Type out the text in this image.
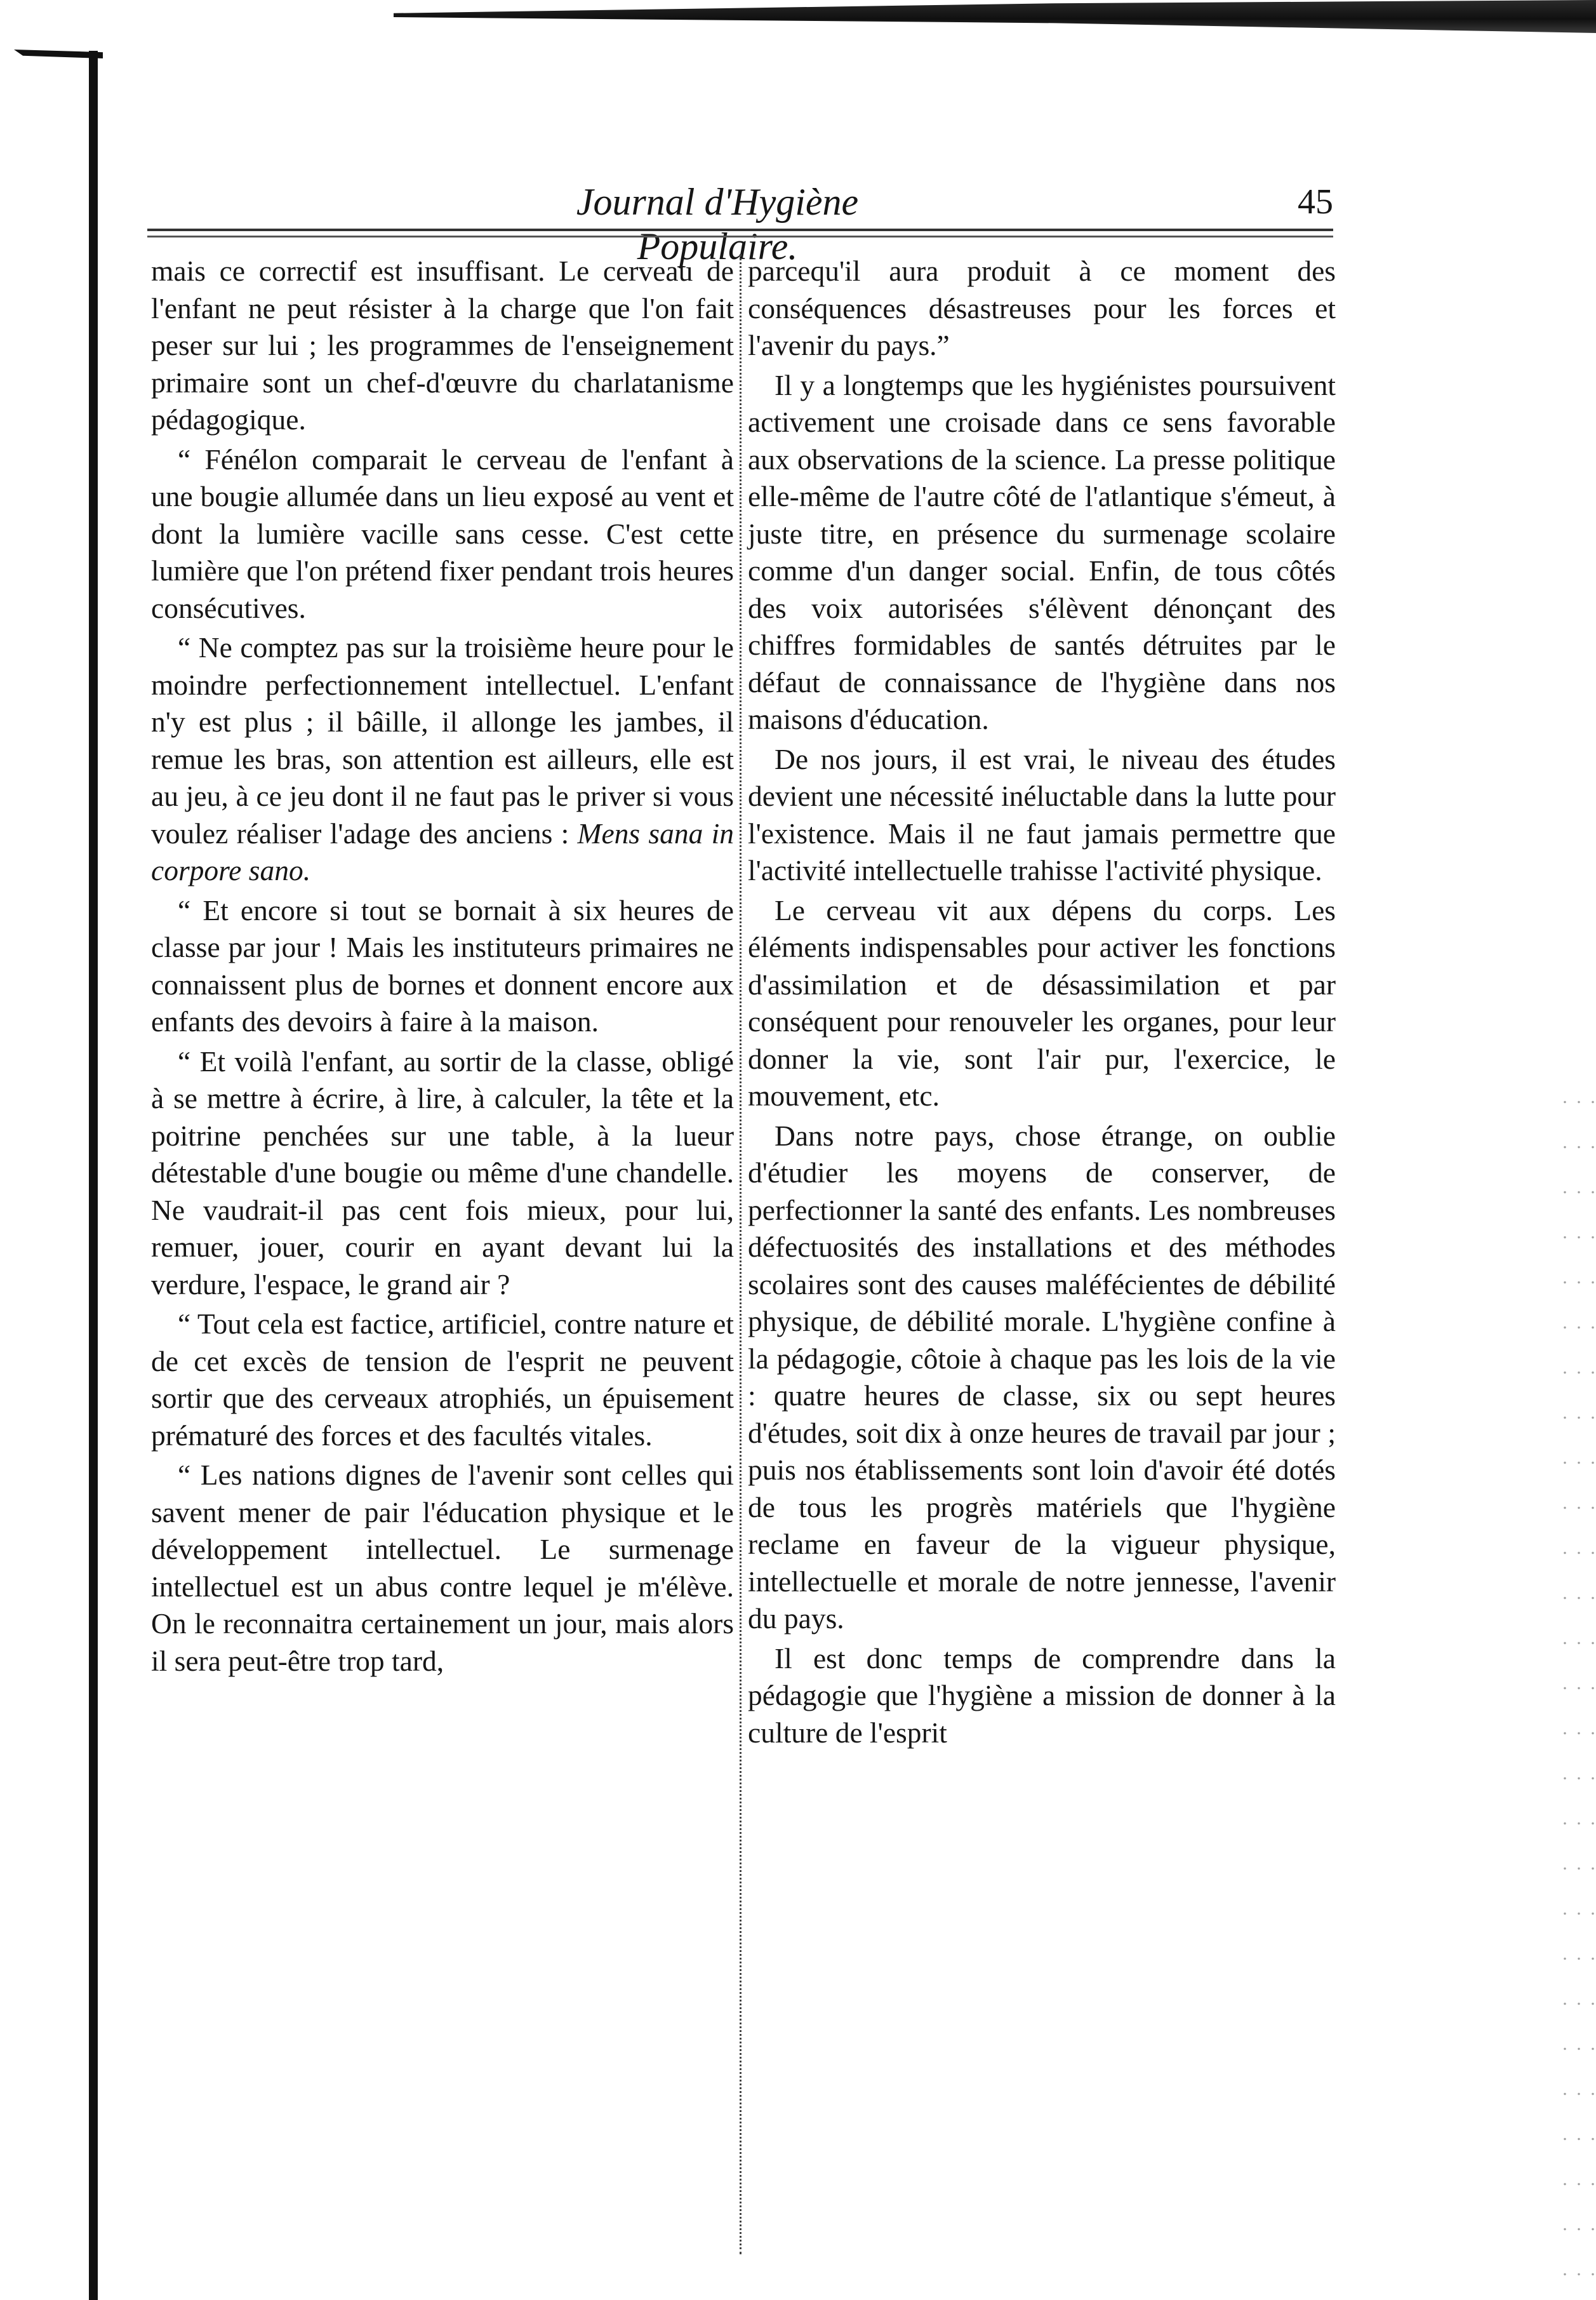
Journal d'Hygiène Populaire.
45

mais ce correctif est insuffisant. Le cerveau de l'enfant ne peut résister à la charge que l'on fait peser sur lui ; les programmes de l'enseignement primaire sont un chef-d'œuvre du charlatanisme pédagogique.

“ Fénélon comparait le cerveau de l'enfant à une bougie allumée dans un lieu exposé au vent et dont la lumière vacille sans cesse. C'est cette lumière que l'on prétend fixer pendant trois heures consécutives.

“ Ne comptez pas sur la troisième heure pour le moindre perfectionnement intellectuel. L'enfant n'y est plus ; il bâille, il allonge les jambes, il remue les bras, son attention est ailleurs, elle est au jeu, à ce jeu dont il ne faut pas le priver si vous voulez réaliser l'adage des anciens : Mens sana in corpore sano.

“ Et encore si tout se bornait à six heures de classe par jour ! Mais les instituteurs primaires ne connaissent plus de bornes et donnent encore aux enfants des devoirs à faire à la maison.

“ Et voilà l'enfant, au sortir de la classe, obligé à se mettre à écrire, à lire, à calculer, la tête et la poitrine penchées sur une table, à la lueur détestable d'une bougie ou même d'une chandelle. Ne vaudrait-il pas cent fois mieux, pour lui, remuer, jouer, courir en ayant devant lui la verdure, l'espace, le grand air ?

“ Tout cela est factice, artificiel, contre nature et de cet excès de tension de l'esprit ne peuvent sortir que des cerveaux atrophiés, un épuisement prématuré des forces et des facultés vitales.

“ Les nations dignes de l'avenir sont celles qui savent mener de pair l'éducation physique et le développement intellectuel. Le surmenage intellectuel est un abus contre lequel je m'élève. On le reconnaitra certainement un jour, mais alors il sera peut-être trop tard,

parcequ'il aura produit à ce moment des conséquences désastreuses pour les forces et l'avenir du pays.”

Il y a longtemps que les hygiénistes poursuivent activement une croisade dans ce sens favorable aux observations de la science. La presse politique elle-même de l'autre côté de l'atlantique s'émeut, à juste titre, en présence du surmenage scolaire comme d'un danger social. Enfin, de tous côtés des voix autorisées s'élèvent dénonçant des chiffres formidables de santés détruites par le défaut de connaissance de l'hygiène dans nos maisons d'éducation.

De nos jours, il est vrai, le niveau des études devient une nécessité inéluctable dans la lutte pour l'existence. Mais il ne faut jamais permettre que l'activité intellectuelle trahisse l'activité physique.

Le cerveau vit aux dépens du corps. Les éléments indispensables pour activer les fonctions d'assimilation et de désassimilation et par conséquent pour renouveler les organes, pour leur donner la vie, sont l'air pur, l'exercice, le mouvement, etc.

Dans notre pays, chose étrange, on oublie d'étudier les moyens de conserver, de perfectionner la santé des enfants. Les nombreuses défectuosités des installations et des méthodes scolaires sont des causes maléfécientes de débilité physique, de débilité morale. L'hygiène confine à la pédagogie, côtoie à chaque pas les lois de la vie : quatre heures de classe, six ou sept heures d'études, soit dix à onze heures de travail par jour ; puis nos établissements sont loin d'avoir été dotés de tous les progrès matériels que l'hygiène reclame en faveur de la vigueur physique, intellectuelle et morale de notre jennesse, l'avenir du pays.

Il est donc temps de comprendre dans la pédagogie que l'hygiène a mission de donner à la culture de l'esprit
